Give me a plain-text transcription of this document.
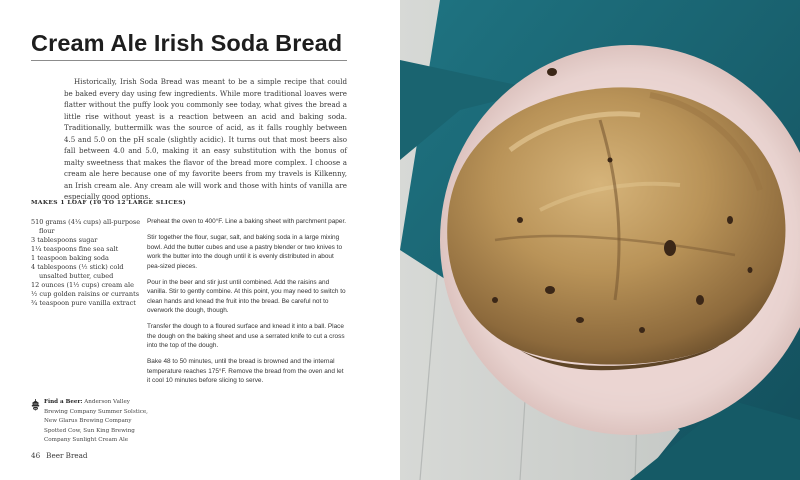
Cream Ale Irish Soda Bread

Historically, Irish Soda Bread was meant to be a simple recipe that could be baked every day using few ingredients. While more traditional loaves were flatter without the puffy look you commonly see today, what gives the bread a little rise without yeast is a reaction between an acid and baking soda. Traditionally, buttermilk was the source of acid, as it falls roughly between 4.5 and 5.0 on the pH scale (slightly acidic). It turns out that most beers also fall between 4.0 and 5.0, making it an easy substitution with the bonus of malty sweetness that makes the flavor of the bread more complex. I choose a cream ale here because one of my favorite beers from my travels is Kilkenny, an Irish cream ale. Any cream ale will work and those with hints of vanilla are especially good options.

MAKES 1 LOAF (10 TO 12 LARGE SLICES)
510 grams (4¼ cups) all-purpose flour
3 tablespoons sugar
1¼ teaspoons fine sea salt
1 teaspoon baking soda
4 tablespoons (½ stick) cold unsalted butter, cubed
12 ounces (1½ cups) cream ale
½ cup golden raisins or currants
¾ teaspoon pure vanilla extract

Preheat the oven to 400°F. Line a baking sheet with parchment paper.

Stir together the flour, sugar, salt, and baking soda in a large mixing bowl. Add the butter cubes and use a pastry blender or two knives to work the butter into the dough until it is evenly distributed in about pea-sized pieces.

Pour in the beer and stir just until combined. Add the raisins and vanilla. Stir to gently combine. At this point, you may need to switch to clean hands and knead the fruit into the bread. Be careful not to overwork the dough, though.

Transfer the dough to a floured surface and knead it into a ball. Place the dough on the baking sheet and use a serrated knife to cut a cross into the top of the dough.

Bake 48 to 50 minutes, until the bread is browned and the internal temperature reaches 175°F. Remove the bread from the oven and let it cool 10 minutes before slicing to serve.

Find a Beer: Anderson Valley Brewing Company Summer Solstice, New Glarus Brewing Company Spotted Cow, Sun King Brewing Company Sunlight Cream Ale
46 Beer Bread
